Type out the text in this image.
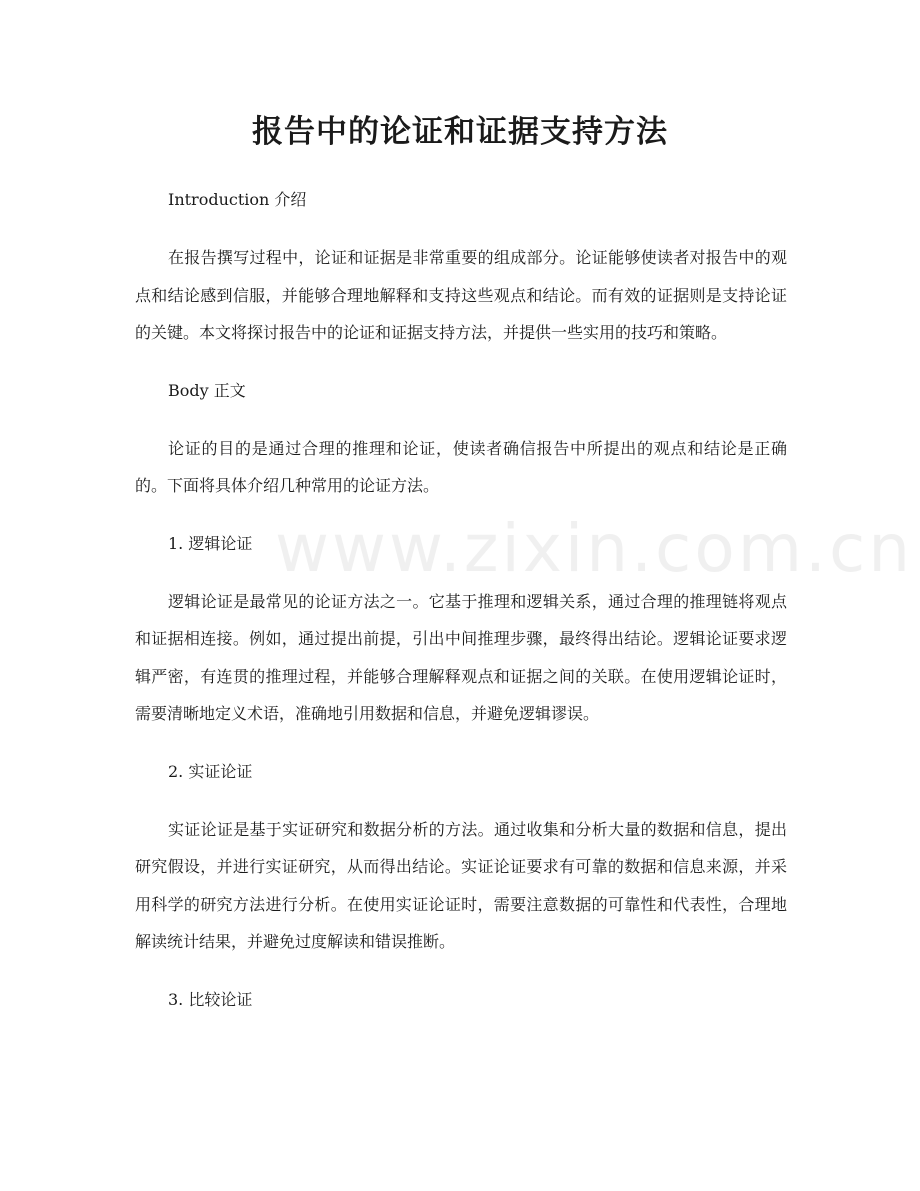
报告中的论证和证据支持方法
www.zixin.com.cn

Introduction 介绍

在报告撰写过程中，论证和证据是非常重要的组成部分。论证能够使读者对报告中的观点和结论感到信服，并能够合理地解释和支持这些观点和结论。而有效的证据则是支持论证的关键。本文将探讨报告中的论证和证据支持方法，并提供一些实用的技巧和策略。

Body 正文

论证的目的是通过合理的推理和论证，使读者确信报告中所提出的观点和结论是正确的。下面将具体介绍几种常用的论证方法。

1. 逻辑论证

逻辑论证是最常见的论证方法之一。它基于推理和逻辑关系，通过合理的推理链将观点和证据相连接。例如，通过提出前提，引出中间推理步骤，最终得出结论。逻辑论证要求逻辑严密，有连贯的推理过程，并能够合理解释观点和证据之间的关联。在使用逻辑论证时，需要清晰地定义术语，准确地引用数据和信息，并避免逻辑谬误。

2. 实证论证

实证论证是基于实证研究和数据分析的方法。通过收集和分析大量的数据和信息，提出研究假设，并进行实证研究，从而得出结论。实证论证要求有可靠的数据和信息来源，并采用科学的研究方法进行分析。在使用实证论证时，需要注意数据的可靠性和代表性，合理地解读统计结果，并避免过度解读和错误推断。

3. 比较论证
